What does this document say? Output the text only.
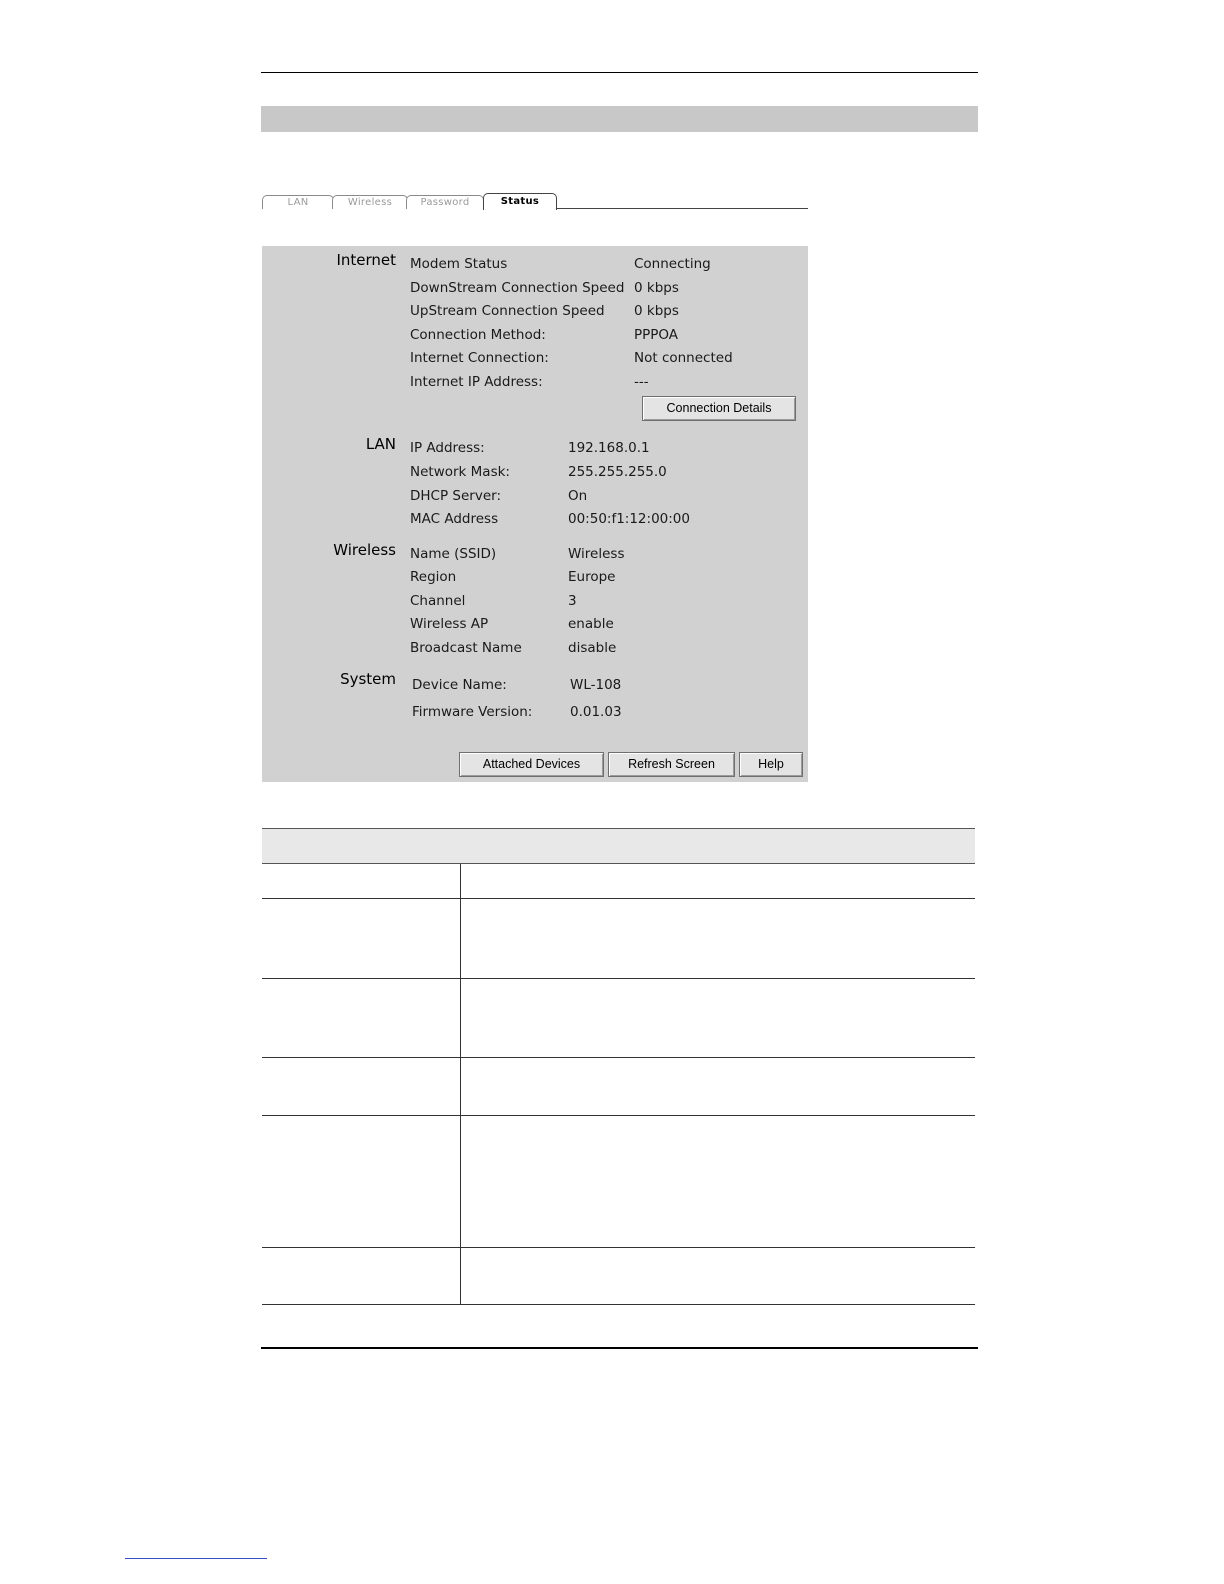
LAN	Wireless	Password	Status
Internet Modem Status	Connecting
DownStream Connection Speed 0 kbps
UpStream Connection Speed 0 kbps
Connection Method:	PPPOA
Internet Connection:	Not connected
Internet IP Address:	---
Connection Details
LAN IP Address:	192.168.0.1
Network Mask:	255.255.255.0
DHCP Server:	On
MAC Address	00:50:f1:12:00:00
Wireless Name (SSID)	Wireless
Region	Europe
Channel	3
Wireless AP	enable
Broadcast Name	disable
System Device Name:	WL-108
Firmware Version:	0.01.03
Attached Devices	Refresh Screen	Help
